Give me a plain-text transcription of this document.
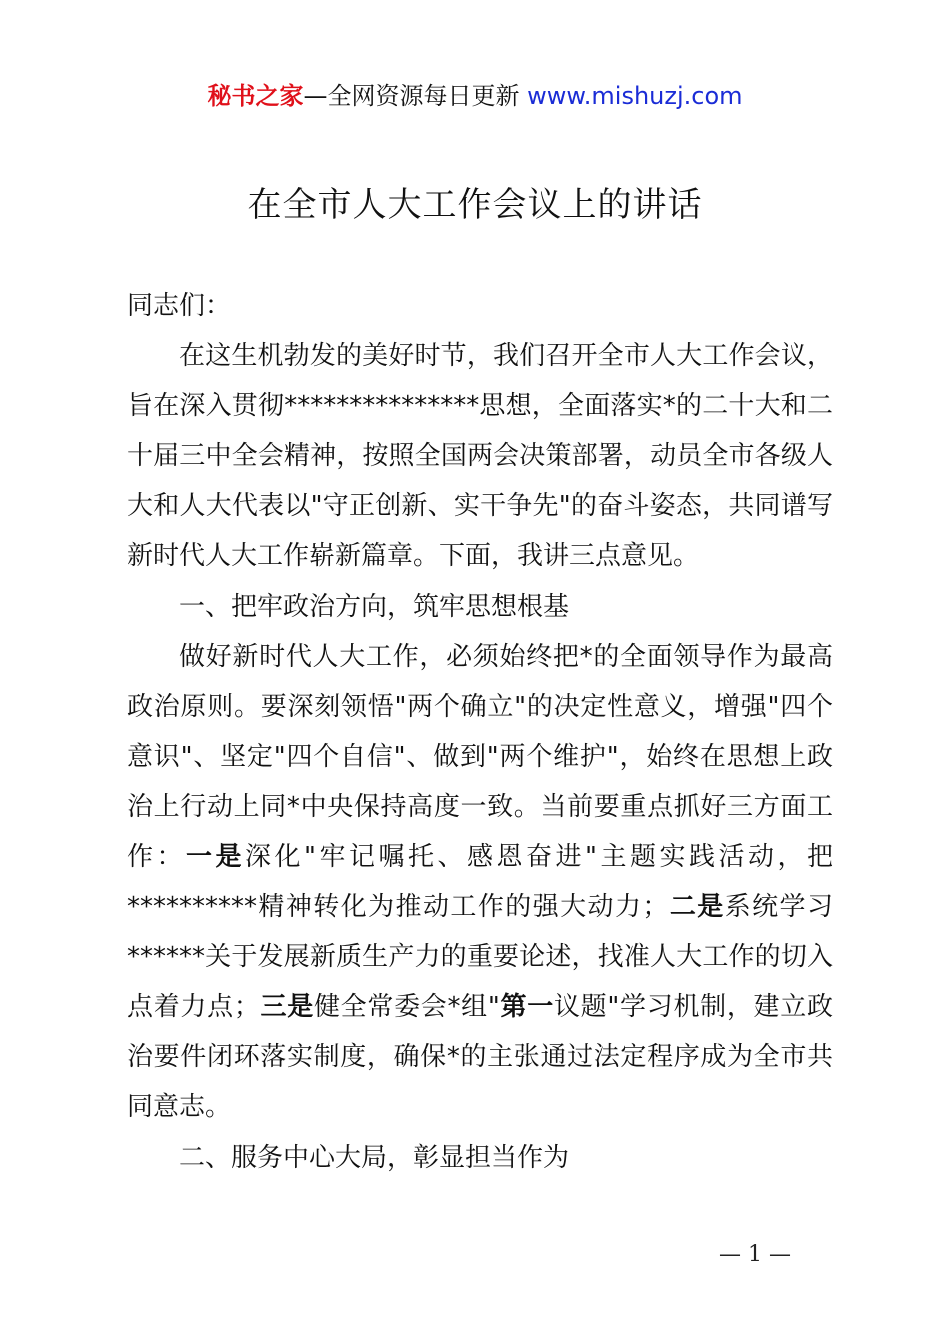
秘书之家—全网资源每日更新 www.mishuzj.com
在全市人大工作会议上的讲话

同志们：

在这生机勃发的美好时节，我们召开全市人大工作会议，旨在深入贯彻***************思想，全面落实*的二十大和二十届三中全会精神，按照全国两会决策部署，动员全市各级人大和人大代表以"守正创新、实干争先"的奋斗姿态，共同谱写新时代人大工作崭新篇章。下面，我讲三点意见。

一、把牢政治方向，筑牢思想根基

做好新时代人大工作，必须始终把*的全面领导作为最高政治原则。要深刻领悟"两个确立"的决定性意义，增强"四个意识"、坚定"四个自信"、做到"两个维护"，始终在思想上政治上行动上同*中央保持高度一致。当前要重点抓好三方面工作：一是深化"牢记嘱托、感恩奋进"主题实践活动，把**********精神转化为推动工作的强大动力；二是系统学习******关于发展新质生产力的重要论述，找准人大工作的切入点着力点；三是健全常委会*组"第一议题"学习机制，建立政治要件闭环落实制度，确保*的主张通过法定程序成为全市共同意志。

二、服务中心大局，彰显担当作为

— 1 —
